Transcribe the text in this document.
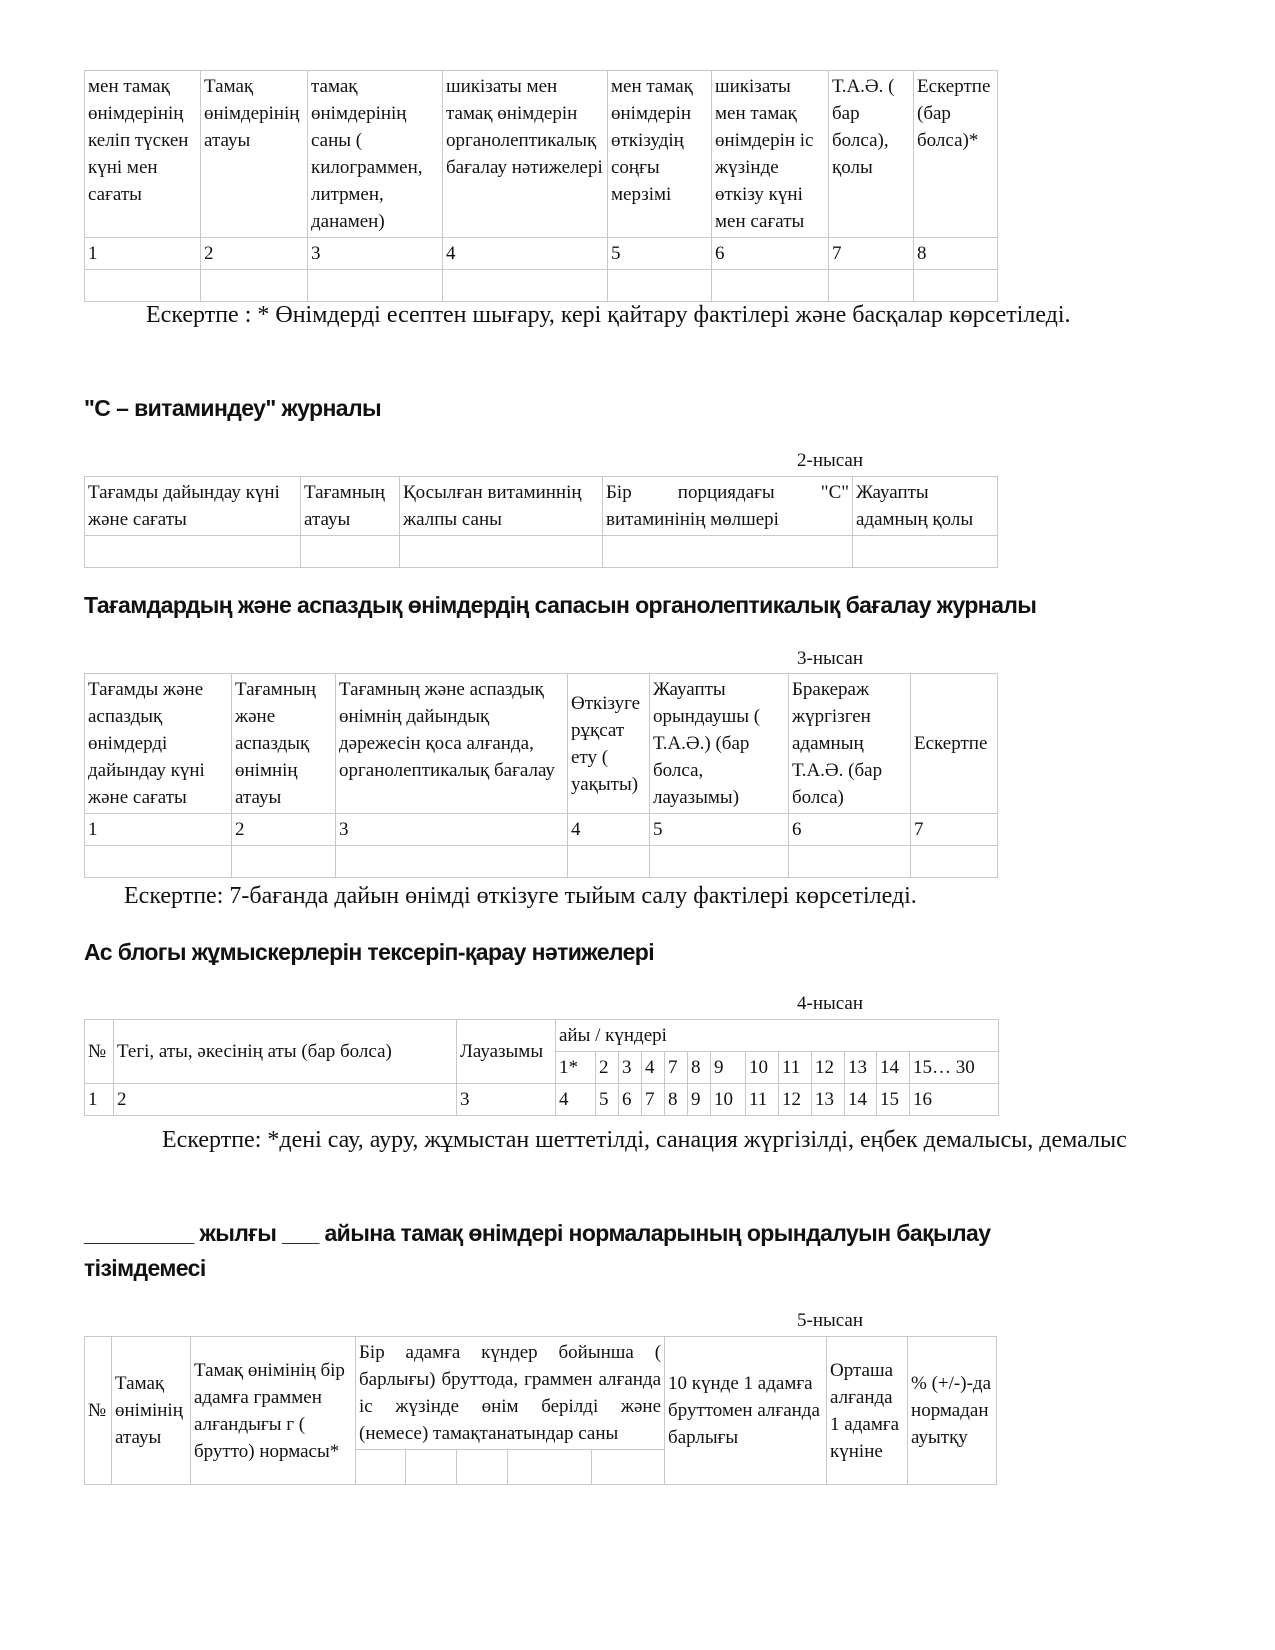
мен тамақ өнімдерінің келіп түскен күні мен сағаты	Тамақ өнімдерінің атауы	тамақ өнімдерінің саны ( килограммен, литрмен, данамен)	шикізаты мен тамақ өнімдерін органолептикалық бағалау нәтижелері	мен тамақ өнімдерін өткізудің соңғы мерзімі	шикізаты мен тамақ өнімдерін іс жүзінде өткізу күні мен сағаты	Т.А.Ә. ( бар болса), қолы	Ескертпе (бар болса)*
1	2	3	4	5	6	7	8

Ескертпе : * Өнімдерді есептен шығару, кері қайтару фактілері және басқалар көрсетіледі.
"С – витаминдеу" журналы
2-нысан
Тағамды дайындау күні және сағаты	Тағамның атауы	Қосылған витаминнің жалпы саны	Бір порциядағы "С" витаминінің мөлшері	Жауапты адамның қолы

Тағамдардың және аспаздық өнімдердің сапасын органолептикалық бағалау журналы
3-нысан
Тағамды және аспаздық өнімдерді дайындау күні және сағаты	Тағамның және аспаздық өнімнің атауы	Тағамның және аспаздық өнімнің дайындық дәрежесін қоса алғанда, органолептикалық бағалау	Өткізуге рұқсат ету ( уақыты)	Жауапты орындаушы ( Т.А.Ә.) (бар болса, лауазымы)	Бракераж жүргізген адамның Т.А.Ә. (бар болса)	Ескертпе
1	2	3	4	5	6	7

Ескертпе: 7-бағанда дайын өнімді өткізуге тыйым салу фактілері көрсетіледі.
Ас блогы жұмыскерлерін тексеріп-қарау нәтижелері
4-нысан
№	Тегі, аты, әкесінің аты (бар болса)	Лауазымы	айы / күндері												
			1*	2	3	4	7	8	9	10	11	12	13	14	15… 30
1	2	3	4	5	6	7	8	9	10	11	12	13	14	15	16
Ескертпе: *дені сау, ауру, жұмыстан шеттетілді, санация жүргізілді, еңбек демалысы, демалыс
_________ жылғы ___ айына тамақ өнімдері нормаларының орындалуын бақылау тізімдемесі
5-нысан
№	Тамақ өнімінің атауы	Тамақ өнімінің бір адамға граммен алғандығы г ( брутто) нормасы*	Бір адамға күндер бойынша ( барлығы) бруттода, граммен алғанда іс жүзінде өнім берілді және (немесе) тамақтанатындар саны					10 күнде 1 адамға бруттомен алғанда барлығы	Орташа алғанда 1 адамға күніне	% (+/-)-да нормадан ауытқу
